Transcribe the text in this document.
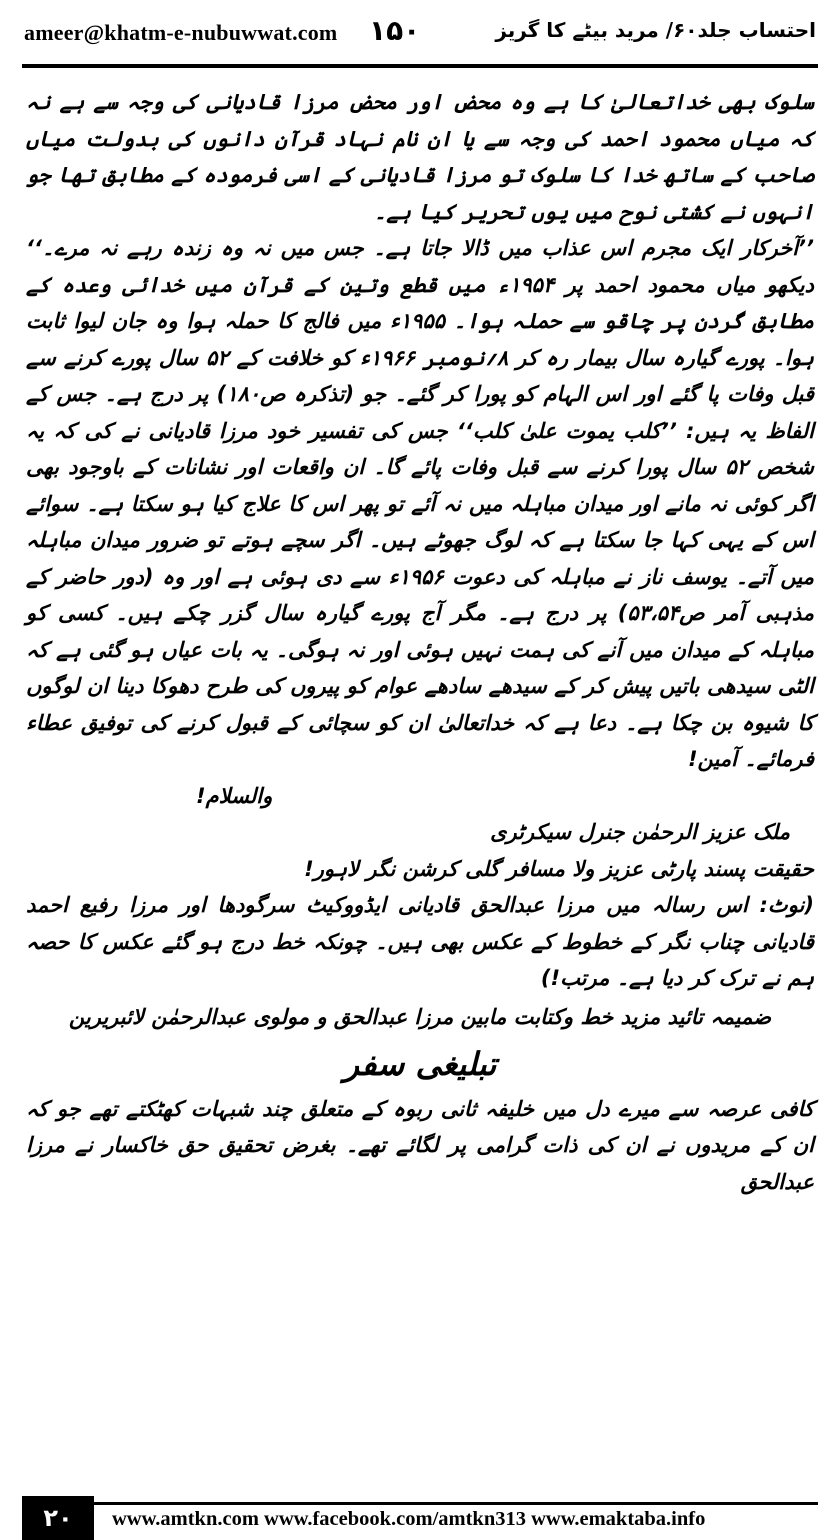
ameer@khatm-e-nubuwwat.com ۱۵۰	احتساب جلد۶۰/ مرید بیٹے کا گریز

سلوک بھی خداتعالیٰ کا ہے وہ محض اور محض مرزا قادیانی کی وجہ سے ہے نہ کہ میاں محمود احمد کی وجہ سے یا ان نام نہاد قرآن دانوں کی بدولت میاں صاحب کے ساتھ خدا کا سلوک تو مرزا قادیانی کے اسی فرمودہ کے مطابق تھا جو انہوں نے کشتی نوح میں یوں تحریر کیا ہے۔

’’آخرکار ایک مجرم اس عذاب میں ڈالا جاتا ہے۔ جس میں نہ وہ زندہ رہے نہ مرے۔‘‘ دیکھو میاں محمود احمد پر ۱۹۵۴ء میں قطع وتین کے قرآن میں خدائی وعدہ کے مطابق گردن پر چاقو سے حملہ ہوا۔ ۱۹۵۵ء میں فالج کا حملہ ہوا وہ جان لیوا ثابت ہوا۔ پورے گیارہ سال بیمار رہ کر ۸؍نومبر ۱۹۶۶ء کو خلافت کے ۵۲ سال پورے کرنے سے قبل وفات پا گئے اور اس الہام کو پورا کر گئے۔ جو (تذکرہ ص۱۸۰) پر درج ہے۔ جس کے الفاظ یہ ہیں: ’’کلب یموت علیٰ کلب‘‘ جس کی تفسیر خود مرزا قادیانی نے کی کہ یہ شخص ۵۲ سال پورا کرنے سے قبل وفات پائے گا۔ ان واقعات اور نشانات کے باوجود بھی اگر کوئی نہ مانے اور میدان مباہلہ میں نہ آئے تو پھر اس کا علاج کیا ہو سکتا ہے۔ سوائے اس کے یہی کہا جا سکتا ہے کہ لوگ جھوٹے ہیں۔ اگر سچے ہوتے تو ضرور میدان مباہلہ میں آتے۔ یوسف ناز نے مباہلہ کی دعوت ۱۹۵۶ء سے دی ہوئی ہے اور وہ (دور حاضر کے مذہبی آمر ص۵۳،۵۴) پر درج ہے۔ مگر آج پورے گیارہ سال گزر چکے ہیں۔ کسی کو مباہلہ کے میدان میں آنے کی ہمت نہیں ہوئی اور نہ ہوگی۔ یہ بات عیاں ہو گئی ہے کہ الٹی سیدھی باتیں پیش کر کے سیدھے سادھے عوام کو پیروں کی طرح دھوکا دینا ان لوگوں کا شیوہ بن چکا ہے۔ دعا ہے کہ خداتعالیٰ ان کو سچائی کے قبول کرنے کی توفیق عطاء فرمائے۔ آمین!

والسلام!

ملک عزیز الرحمٰن جنرل سیکرٹری

حقیقت پسند پارٹی عزیز ولا مسافر گلی کرشن نگر لاہور!

(نوٹ: اس رسالہ میں مرزا عبدالحق قادیانی ایڈووکیٹ سرگودھا اور مرزا رفیع احمد قادیانی چناب نگر کے خطوط کے عکس بھی ہیں۔ چونکہ خط درج ہو گئے عکس کا حصہ ہم نے ترک کر دیا ہے۔ مرتب!)

ضمیمہ تائید مزید خط وکتابت مابین مرزا عبدالحق و مولوی عبدالرحمٰن لائبریرین

تبلیغی سفر

کافی عرصہ سے میرے دل میں خلیفہ ثانی ربوہ کے متعلق چند شبہات کھٹکتے تھے جو کہ ان کے مریدوں نے ان کی ذات گرامی پر لگائے تھے۔ بغرض تحقیق حق خاکسار نے مرزا عبدالحق

۲۰	www.amtkn.com www.facebook.com/amtkn313 www.emaktaba.info
